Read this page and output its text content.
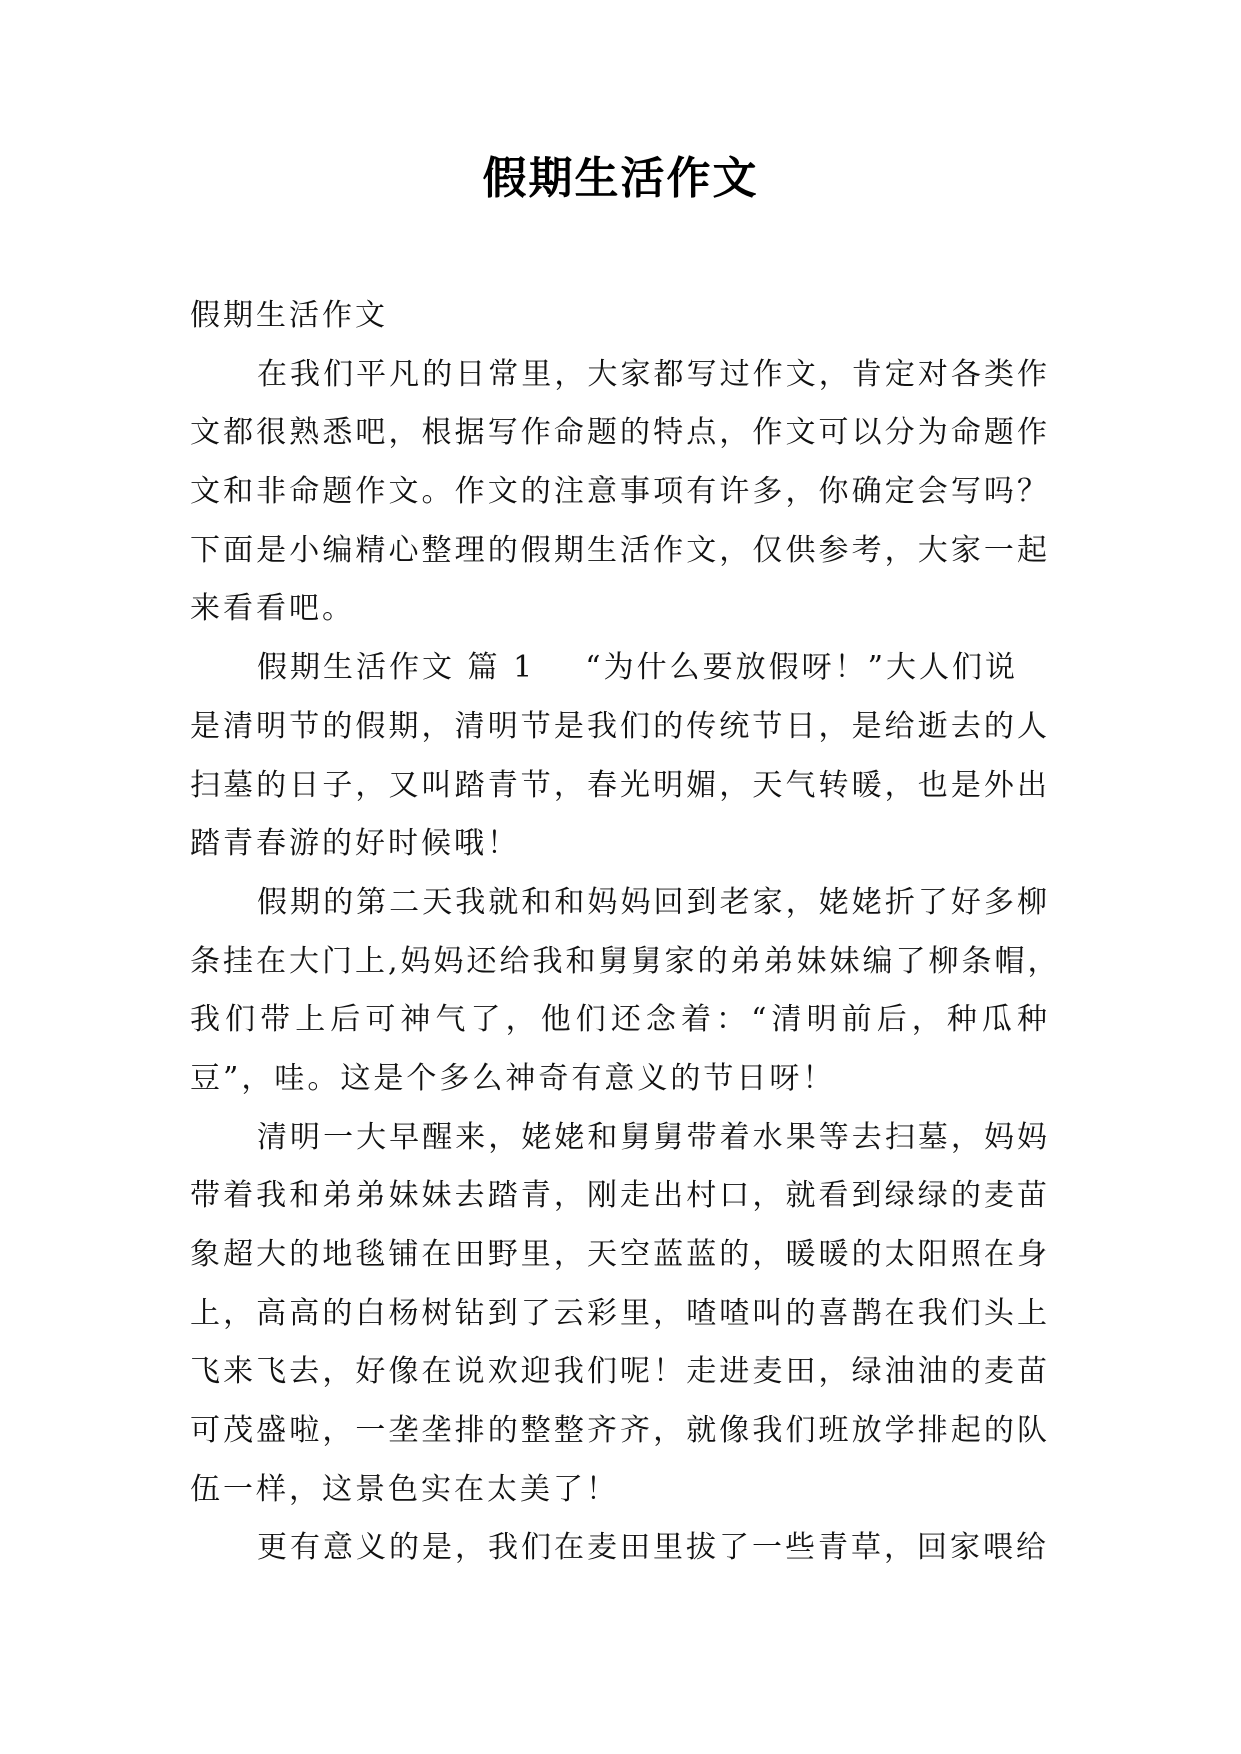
假期生活作文
假期生活作文
在我们平凡的日常里，大家都写过作文，肯定对各类作
文都很熟悉吧，根据写作命题的特点，作文可以分为命题作
文和非命题作文。作文的注意事项有许多，你确定会写吗？
下面是小编精心整理的假期生活作文，仅供参考，大家一起
来看看吧。
假期生活作文 篇 1    “为什么要放假呀！”大人们说
是清明节的假期，清明节是我们的传统节日，是给逝去的人
扫墓的日子，又叫踏青节，春光明媚，天气转暖，也是外出
踏青春游的好时候哦！
假期的第二天我就和和妈妈回到老家，姥姥折了好多柳
条挂在大门上,妈妈还给我和舅舅家的弟弟妹妹编了柳条帽，
我们带上后可神气了，他们还念着：“清明前后，种瓜种
豆”，哇。这是个多么神奇有意义的节日呀！
清明一大早醒来，姥姥和舅舅带着水果等去扫墓，妈妈
带着我和弟弟妹妹去踏青，刚走出村口，就看到绿绿的麦苗
象超大的地毯铺在田野里，天空蓝蓝的，暖暖的太阳照在身
上，高高的白杨树钻到了云彩里，喳喳叫的喜鹊在我们头上
飞来飞去，好像在说欢迎我们呢！走进麦田，绿油油的麦苗
可茂盛啦，一垄垄排的整整齐齐，就像我们班放学排起的队
伍一样，这景色实在太美了！
更有意义的是，我们在麦田里拔了一些青草，回家喂给
